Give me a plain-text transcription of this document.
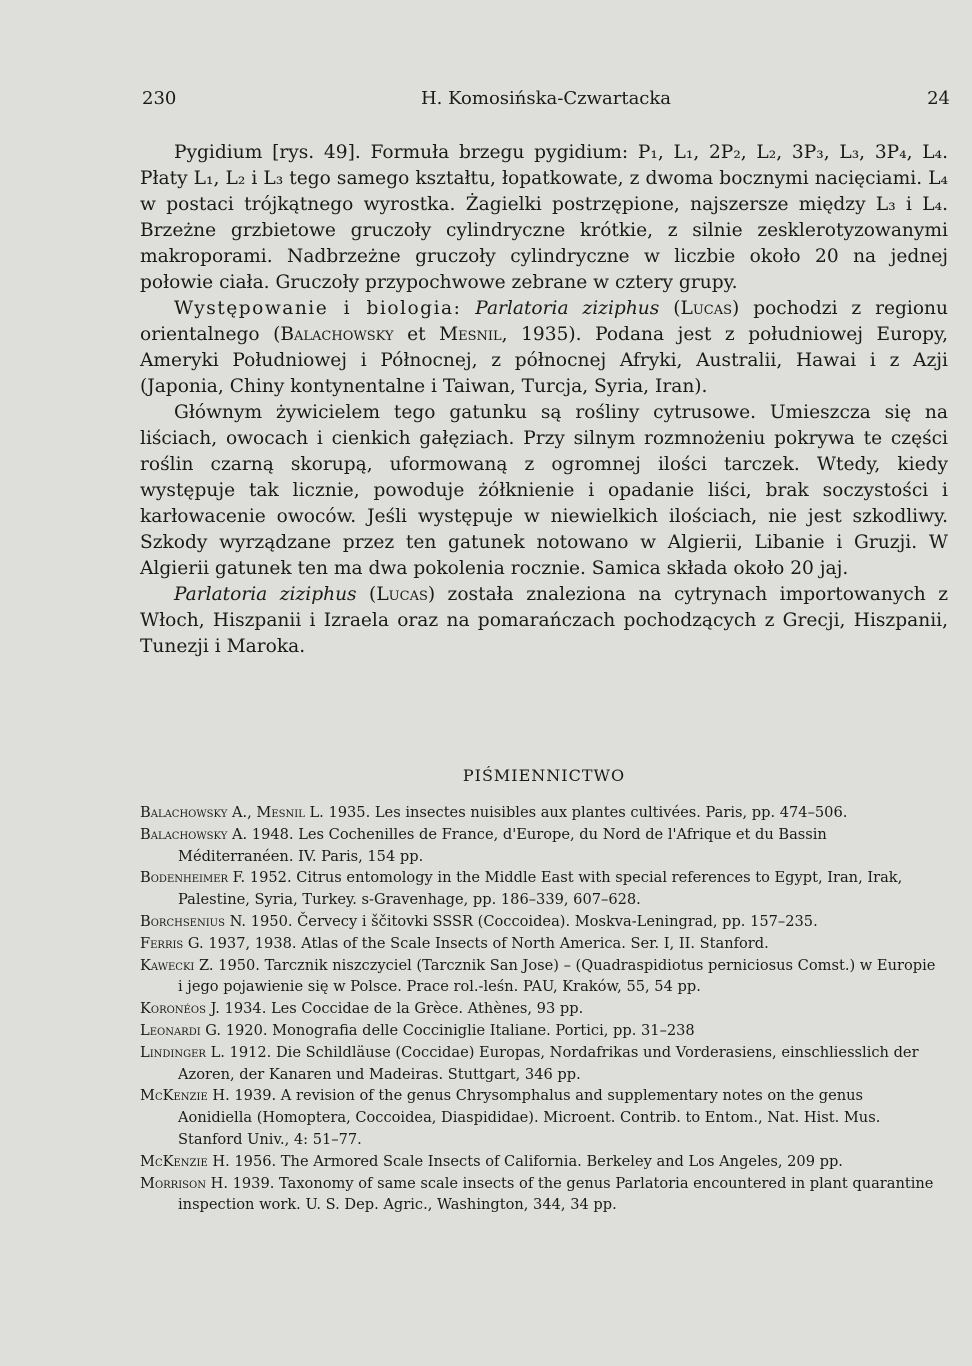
230	H. Komosińska-Czwartacka	24

Pygidium [rys. 49]. Formuła brzegu pygidium: P₁, L₁, 2P₂, L₂, 3P₃, L₃, 3P₄, L₄. Płaty L₁, L₂ i L₃ tego samego kształtu, łopatkowate, z dwoma bocznymi nacięciami. L₄ w postaci trójkątnego wyrostka. Żagielki postrzępione, najszersze między L₃ i L₄. Brzeżne grzbietowe gruczoły cylindryczne krótkie, z silnie zesklerotyzowanymi makroporami. Nadbrzeżne gruczoły cylindryczne w liczbie około 20 na jednej połowie ciała. Gruczoły przypochwowe zebrane w cztery grupy.

Występowanie i biologia: Parlatoria ziziphus (Lucas) pochodzi z regionu orientalnego (Balachowsky et Mesnil, 1935). Podana jest z południowej Europy, Ameryki Południowej i Północnej, z północnej Afryki, Australii, Hawai i z Azji (Japonia, Chiny kontynentalne i Taiwan, Turcja, Syria, Iran).

Głównym żywicielem tego gatunku są rośliny cytrusowe. Umieszcza się na liściach, owocach i cienkich gałęziach. Przy silnym rozmnożeniu pokrywa te części roślin czarną skorupą, uformowaną z ogromnej ilości tarczek. Wtedy, kiedy występuje tak licznie, powoduje żółknienie i opadanie liści, brak soczystości i karłowacenie owoców. Jeśli występuje w niewielkich ilościach, nie jest szkodliwy. Szkody wyrządzane przez ten gatunek notowano w Algierii, Libanie i Gruzji. W Algierii gatunek ten ma dwa pokolenia rocznie. Samica składa około 20 jaj.

Parlatoria ziziphus (Lucas) została znaleziona na cytrynach importowanych z Włoch, Hiszpanii i Izraela oraz na pomarańczach pochodzących z Grecji, Hiszpanii, Tunezji i Maroka.

PIŚMIENNICTWO

Balachowsky A., Mesnil L. 1935. Les insectes nuisibles aux plantes cultivées. Paris, pp. 474–506.

Balachowsky A. 1948. Les Cochenilles de France, d'Europe, du Nord de l'Afrique et du Bassin Méditerranéen. IV. Paris, 154 pp.

Bodenheimer F. 1952. Citrus entomology in the Middle East with special references to Egypt, Iran, Irak, Palestine, Syria, Turkey. s-Gravenhage, pp. 186–339, 607–628.

Borchsenius N. 1950. Červecy i ščitovki SSSR (Coccoidea). Moskva-Leningrad, pp. 157–235.

Ferris G. 1937, 1938. Atlas of the Scale Insects of North America. Ser. I, II. Stanford.

Kawecki Z. 1950. Tarcznik niszczyciel (Tarcznik San Jose) – (Quadraspidiotus perniciosus Comst.) w Europie i jego pojawienie się w Polsce. Prace rol.-leśn. PAU, Kraków, 55, 54 pp.

Koronéos J. 1934. Les Coccidae de la Grèce. Athènes, 93 pp.

Leonardi G. 1920. Monografia delle Cocciniglie Italiane. Portici, pp. 31–238

Lindinger L. 1912. Die Schildläuse (Coccidae) Europas, Nordafrikas und Vorderasiens, einschliesslich der Azoren, der Kanaren und Madeiras. Stuttgart, 346 pp.

McKenzie H. 1939. A revision of the genus Chrysomphalus and supplementary notes on the genus Aonidiella (Homoptera, Coccoidea, Diaspididae). Microent. Contrib. to Entom., Nat. Hist. Mus. Stanford Univ., 4: 51–77.

McKenzie H. 1956. The Armored Scale Insects of California. Berkeley and Los Angeles, 209 pp.

Morrison H. 1939. Taxonomy of same scale insects of the genus Parlatoria encountered in plant quarantine inspection work. U. S. Dep. Agric., Washington, 344, 34 pp.
